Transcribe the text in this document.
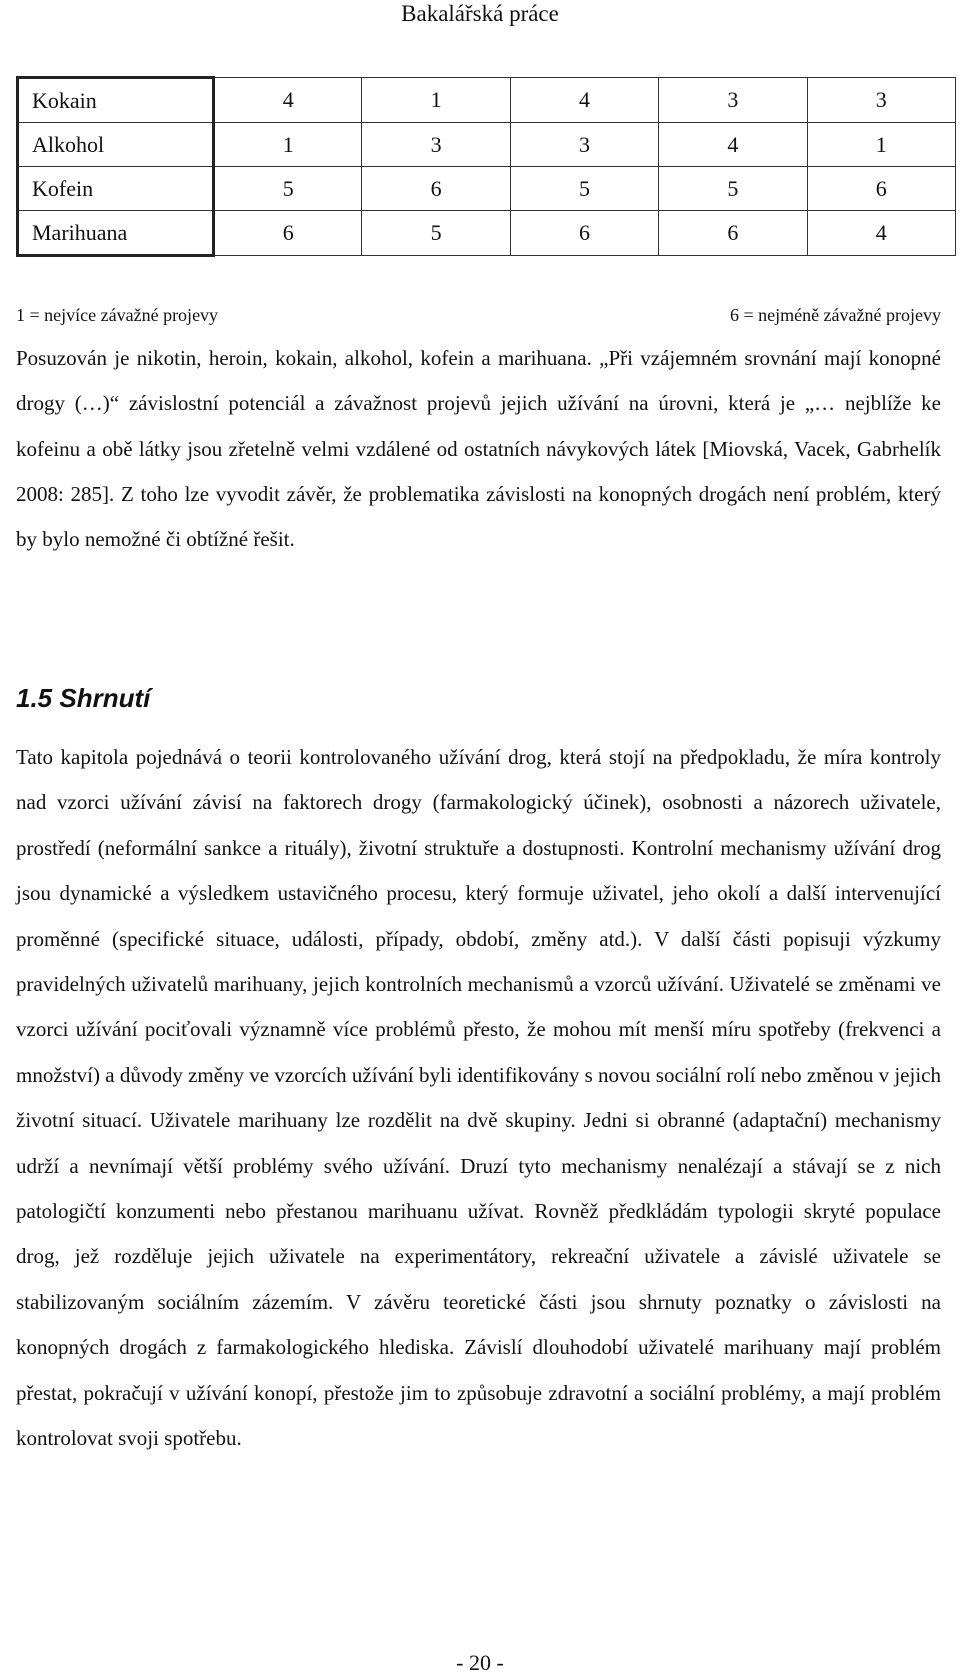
Bakalářská práce
Kokain	4	1	4	3	3
Alkohol	1	3	3	4	1
Kofein	5	6	5	5	6
Marihuana	6	5	6	6	4
1 = nejvíce závažné projevy	6 = nejméně závažné projevy

Posuzován je nikotin, heroin, kokain, alkohol, kofein a marihuana. „Při vzájemném srovnání mají konopné drogy (…)“ závislostní potenciál a závažnost projevů jejich užívání na úrovni, která je „… nejblíže ke kofeinu a obě látky jsou zřetelně velmi vzdálené od ostatních návykových látek [Miovská, Vacek, Gabrhelík 2008: 285]. Z toho lze vyvodit závěr, že problematika závislosti na konopných drogách není problém, který by bylo nemožné či obtížné řešit.

1.5 Shrnutí

Tato kapitola pojednává o teorii kontrolovaného užívání drog, která stojí na předpokladu, že míra kontroly nad vzorci užívání závisí na faktorech drogy (farmakologický účinek), osobnosti a názorech uživatele, prostředí (neformální sankce a rituály), životní struktuře a dostupnosti. Kontrolní mechanismy užívání drog jsou dynamické a výsledkem ustavičného procesu, který formuje uživatel, jeho okolí a další intervenující proměnné (specifické situace, události, případy, období, změny atd.). V další části popisuji výzkumy pravidelných uživatelů marihuany, jejich kontrolních mechanismů a vzorců užívání. Uživatelé se změnami ve vzorci užívání pociťovali významně více problémů přesto, že mohou mít menší míru spotřeby (frekvenci a množství) a důvody změny ve vzorcích užívání byli identifikovány s novou sociální rolí nebo změnou v jejich životní situací. Uživatele marihuany lze rozdělit na dvě skupiny. Jedni si obranné (adaptační) mechanismy udrží a nevnímají větší problémy svého užívání. Druzí tyto mechanismy nenalézají a stávají se z nich patologičtí konzumenti nebo přestanou marihuanu užívat. Rovněž předkládám typologii skryté populace drog, jež rozděluje jejich uživatele na experimentátory, rekreační uživatele a závislé uživatele se stabilizovaným sociálním zázemím. V závěru teoretické části jsou shrnuty poznatky o závislosti na konopných drogách z farmakologického hlediska. Závislí dlouhodobí uživatelé marihuany mají problém přestat, pokračují v užívání konopí, přestože jim to způsobuje zdravotní a sociální problémy, a mají problém kontrolovat svoji spotřebu.

- 20 -
